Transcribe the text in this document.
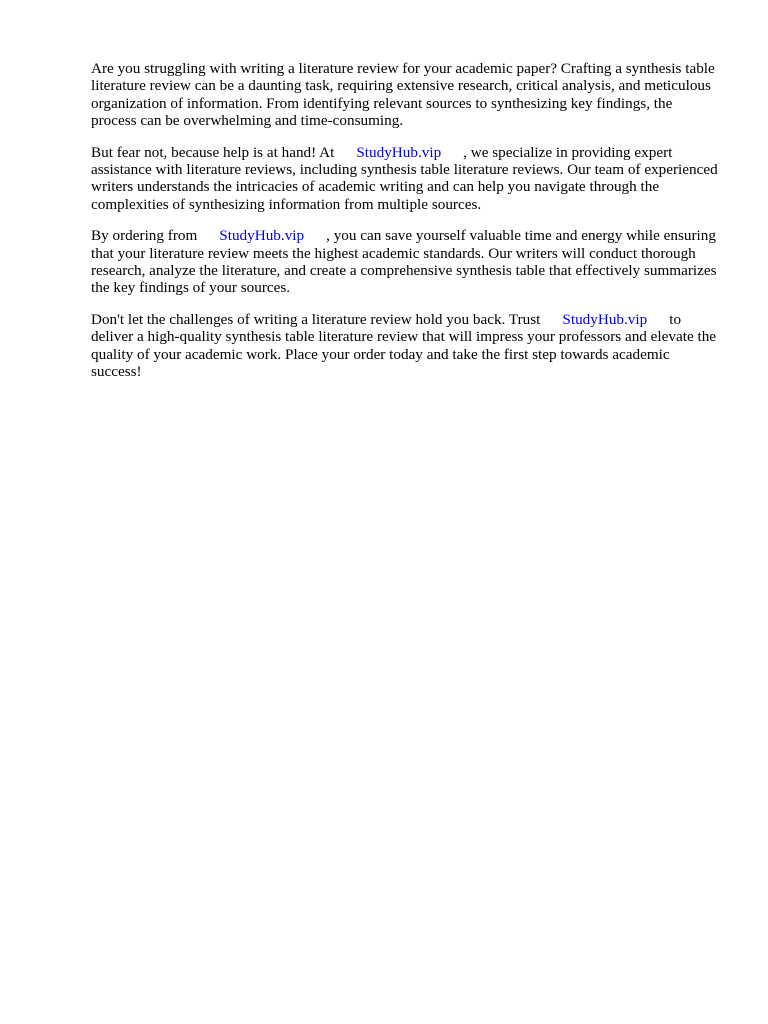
Are you struggling with writing a literature review for your academic paper? Crafting a synthesis table literature review can be a daunting task, requiring extensive research, critical analysis, and meticulous organization of information. From identifying relevant sources to synthesizing key findings, the process can be overwhelming and time-consuming.

But fear not, because help is at hand! At StudyHub.vip , we specialize in providing expert assistance with literature reviews, including synthesis table literature reviews. Our team of experienced writers understands the intricacies of academic writing and can help you navigate through the complexities of synthesizing information from multiple sources.

By ordering from StudyHub.vip , you can save yourself valuable time and energy while ensuring that your literature review meets the highest academic standards. Our writers will conduct thorough research, analyze the literature, and create a comprehensive synthesis table that effectively summarizes the key findings of your sources.

Don't let the challenges of writing a literature review hold you back. Trust StudyHub.vip to deliver a high-quality synthesis table literature review that will impress your professors and elevate the quality of your academic work. Place your order today and take the first step towards academic success!
